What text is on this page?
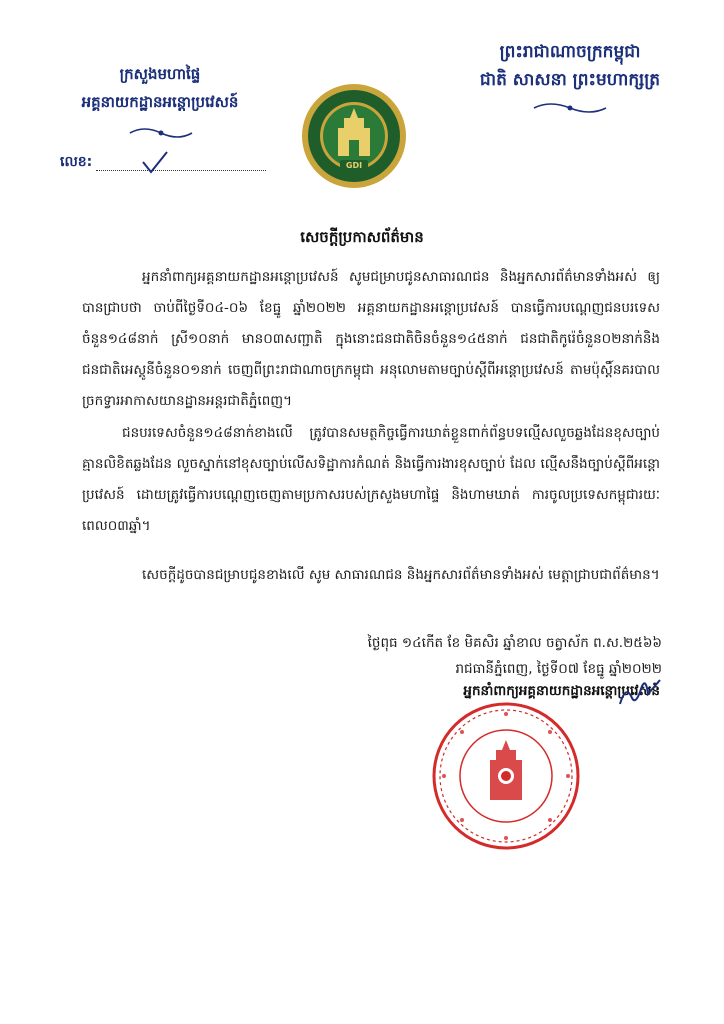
ព្រះរាជាណាចក្រកម្ពុជា
ជាតិ សាសនា ព្រះមហាក្សត្រ
ក្រសួងមហាផ្ទៃ
អគ្គនាយកដ្ឋានអន្តោប្រវេសន៍
លេខ:	GDI
សេចក្តីប្រកាសព័ត៌មាន
អ្នកនាំពាក្យអគ្គនាយកដ្ឋានអន្តោប្រវេសន៍ សូមជម្រាបជូនសាធារណជន និងអ្នកសារព័ត៌មានទាំងអស់ ឲ្យបានជ្រាបថា ចាប់ពីថ្ងៃទី០៤-០៦ ខែធ្នូ ឆ្នាំ២០២២ អគ្គនាយកដ្ឋានអន្តោប្រវេសន៍ បានធ្វើការបណ្តេញជនបរទេសចំនួន១៤៨នាក់ ស្រី១០នាក់ មាន០៣សញ្ជាតិ ក្នុងនោះជនជាតិចិនចំនួន១៤៥នាក់ ជនជាតិកូរ៉េចំនួន០២នាក់និងជនជាតិអេស្តូនីចំនួន០១នាក់ ចេញពីព្រះរាជាណាចក្រកម្ពុជា អនុលោមតាមច្បាប់ស្តីពីអន្តោប្រវេសន៍ តាមប៉ុស្តិ៍នគរបាលច្រកទ្វារអាកាសយានដ្ឋានអន្តរជាតិភ្នំពេញ។
ជនបរទេសចំនួន១៤៨នាក់ខាងលើ ត្រូវបានសមត្ថកិច្ចធ្វើការឃាត់ខ្លួនពាក់ព័ន្ធបទល្មើសលួចឆ្លងដែនខុសច្បាប់ គ្មានលិខិតឆ្លងដែន លួចស្នាក់នៅខុសច្បាប់លើសទិដ្ឋាការកំណត់ និងធ្វើការងារខុសច្បាប់ ដែល ល្មើសនឹងច្បាប់ស្តីពីអន្តោប្រវេសន៍ ដោយត្រូវធ្វើការបណ្តេញចេញតាមប្រកាសរបស់ក្រសួងមហាផ្ទៃ និងហាមឃាត់ ការចូលប្រទេសកម្ពុជារយៈពេល០៣ឆ្នាំ។
សេចក្តីដូចបានជម្រាបជូនខាងលើ សូម សាធារណជន និងអ្នកសារព័ត៌មានទាំងអស់ មេត្តាជ្រាបជាព័ត៌មាន។
ថ្ងៃពុធ ១៤កើត ខែ មិគសិរ ឆ្នាំខាល ចត្វាស័ក ព.ស.២៥៦៦
រាជធានីភ្នំពេញ, ថ្ងៃទី០៧ ខែធ្នូ ឆ្នាំ២០២២
អ្នកនាំពាក្យអគ្គនាយកដ្ឋានអន្តោប្រវេសន៍
